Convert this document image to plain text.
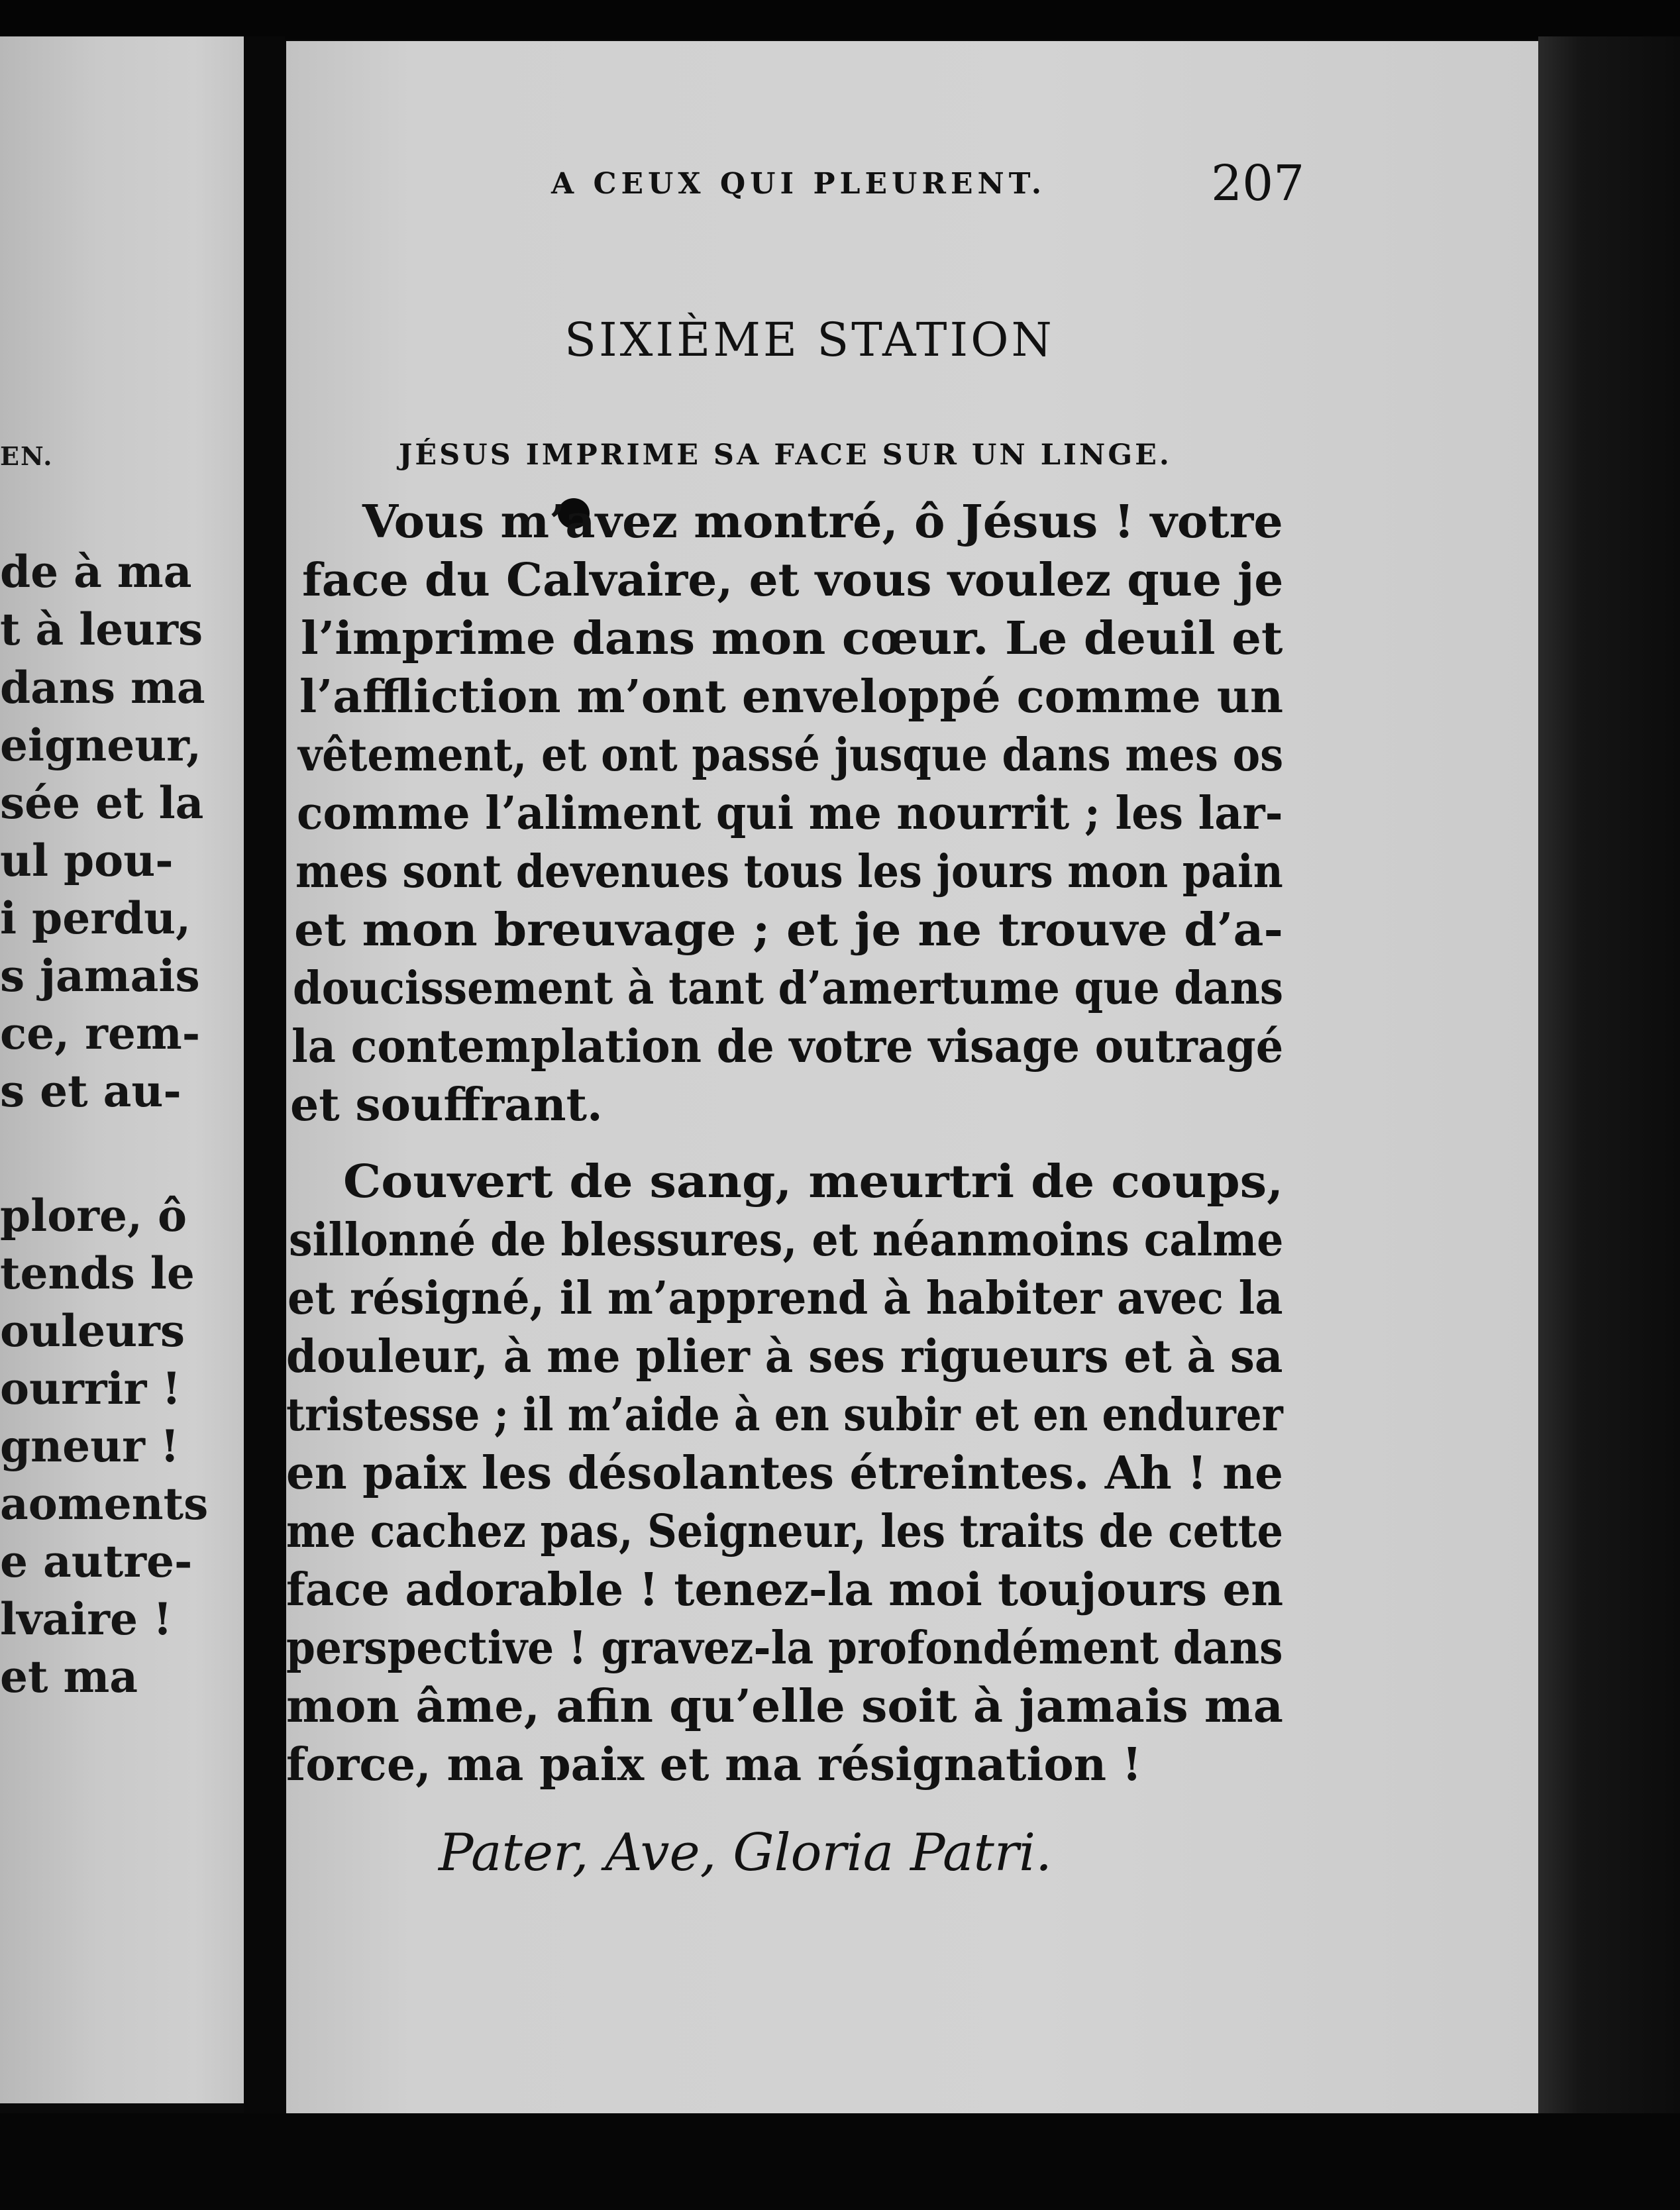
EN.
de à ma
t à leurs
dans ma
eigneur,
sée et la
ul pou-
i perdu,
s jamais
ce, rem-
s et au-
plore, ô
tends le
ouleurs
ourrir !
gneur !
aoments
e autre-
lvaire !
et ma
A CEUX QUI PLEURENT.	207
SIXIÈME STATION
JÉSUS IMPRIME SA FACE SUR UN LINGE.
Vous m’avez montré, ô Jésus ! votre
face du Calvaire, et vous voulez que je
l’imprime dans mon cœur. Le deuil et
l’affliction m’ont enveloppé comme un
vêtement, et ont passé jusque dans mes os
comme l’aliment qui me nourrit ; les lar-
mes sont devenues tous les jours mon pain
et mon breuvage ; et je ne trouve d’a-
doucissement à tant d’amertume que dans
la contemplation de votre visage outragé
et souffrant.
Couvert de sang, meurtri de coups,
sillonné de blessures, et néanmoins calme
et résigné, il m’apprend à habiter avec la
douleur, à me plier à ses rigueurs et à sa
tristesse ; il m’aide à en subir et en endurer
en paix les désolantes étreintes. Ah ! ne
me cachez pas, Seigneur, les traits de cette
face adorable ! tenez-la moi toujours en
perspective ! gravez-la profondément dans
mon âme, afin qu’elle soit à jamais ma
force, ma paix et ma résignation !
Pater, Ave, Gloria Patri.
